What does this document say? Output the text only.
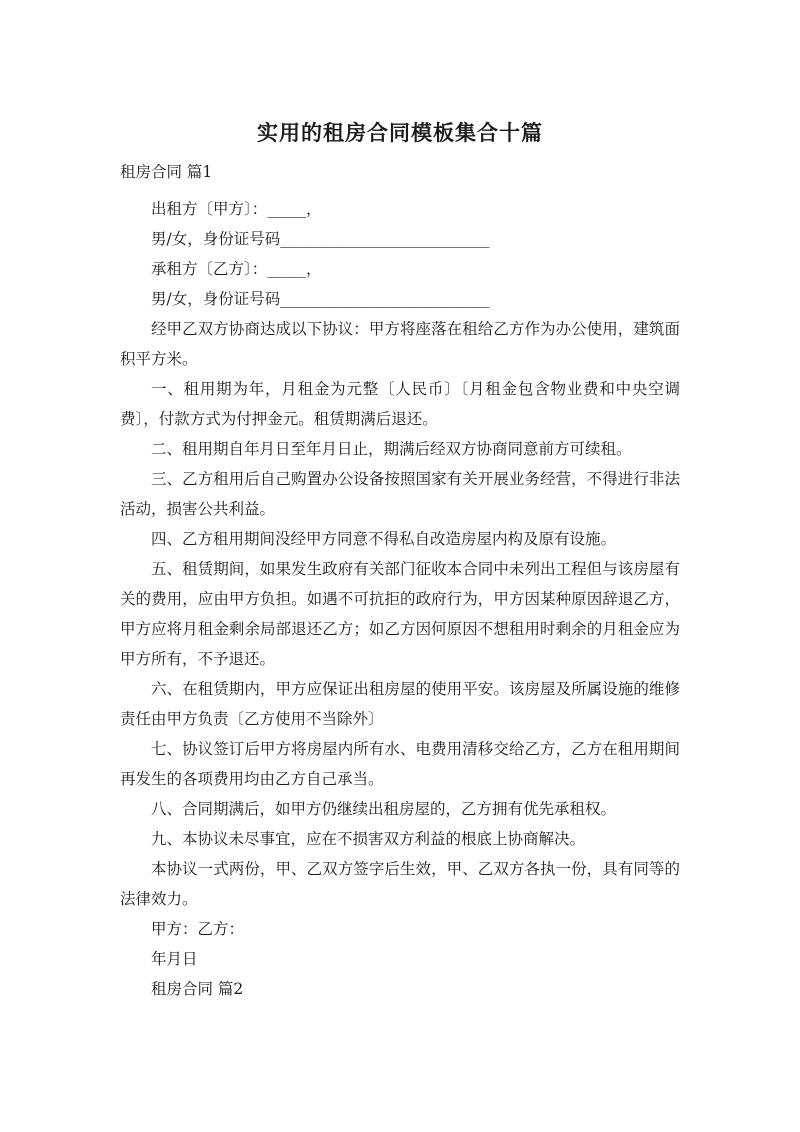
实用的租房合同模板集合十篇
租房合同 篇1

出租方〔甲方〕：_____，

男/女，身份证号码___________________________

承租方〔乙方〕：_____，

男/女，身份证号码___________________________

经甲乙双方协商达成以下协议：甲方将座落在租给乙方作为办公使用，建筑面积平方米。

一、租用期为年，月租金为元整〔人民币〕〔月租金包含物业费和中央空调费〕，付款方式为付押金元。租赁期满后退还。

二、租用期自年月日至年月日止，期满后经双方协商同意前方可续租。

三、乙方租用后自己购置办公设备按照国家有关开展业务经营，不得进行非法活动，损害公共利益。

四、乙方租用期间没经甲方同意不得私自改造房屋内构及原有设施。

五、租赁期间，如果发生政府有关部门征收本合同中未列出工程但与该房屋有关的费用，应由甲方负担。如遇不可抗拒的政府行为，甲方因某种原因辞退乙方，甲方应将月租金剩余局部退还乙方；如乙方因何原因不想租用时剩余的月租金应为甲方所有，不予退还。

六、在租赁期内，甲方应保证出租房屋的使用平安。该房屋及所属设施的维修责任由甲方负责〔乙方使用不当除外〕

七、协议签订后甲方将房屋内所有水、电费用清移交给乙方，乙方在租用期间再发生的各项费用均由乙方自己承当。

八、合同期满后，如甲方仍继续出租房屋的，乙方拥有优先承租权。

九、本协议未尽事宜，应在不损害双方利益的根底上协商解决。

本协议一式两份，甲、乙双方签字后生效，甲、乙双方各执一份，具有同等的法律效力。

甲方：乙方：

年月日

租房合同 篇2
